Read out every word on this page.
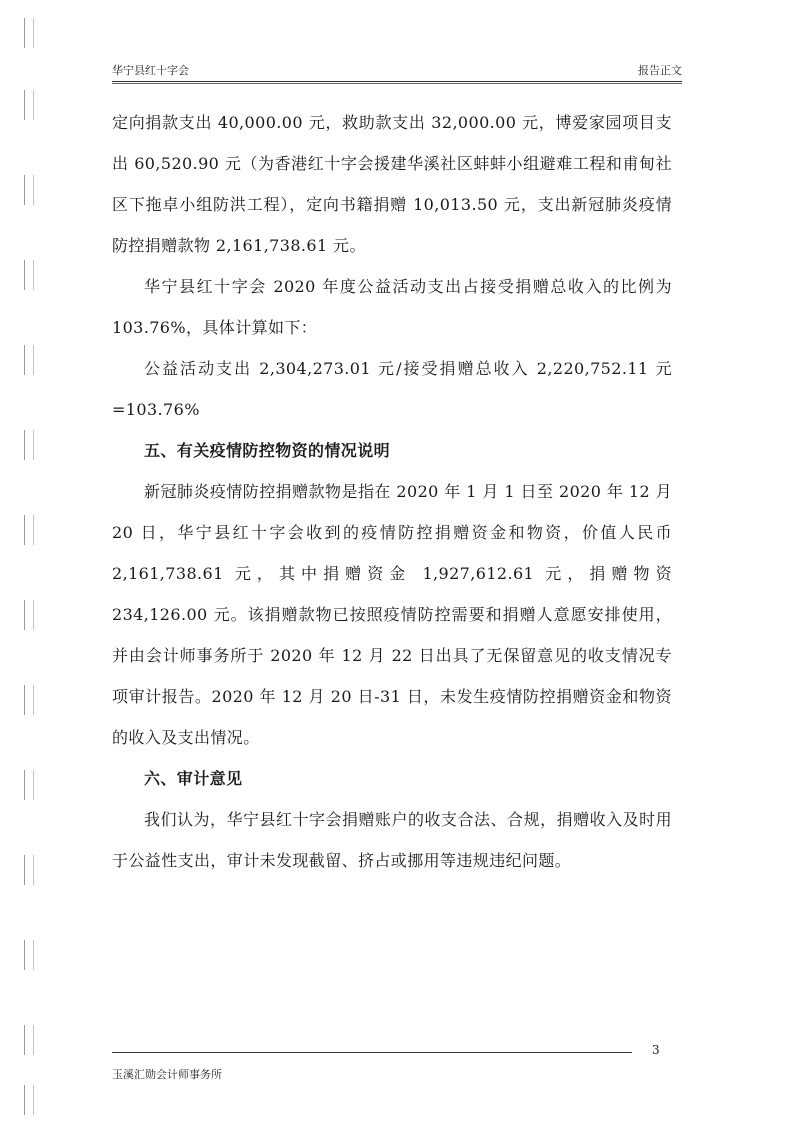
华宁县红十字会	报告正文

定向捐款支出 40,000.00 元，救助款支出 32,000.00 元，博爱家园项目支出 60,520.90 元（为香港红十字会援建华溪社区蚌蚌小组避难工程和甫甸社区下拖卓小组防洪工程），定向书籍捐赠 10,013.50 元，支出新冠肺炎疫情防控捐赠款物 2,161,738.61 元。

华宁县红十字会 2020 年度公益活动支出占接受捐赠总收入的比例为 103.76%，具体计算如下：

公益活动支出 2,304,273.01 元/接受捐赠总收入 2,220,752.11 元=103.76%

五、有关疫情防控物资的情况说明

新冠肺炎疫情防控捐赠款物是指在 2020 年 1 月 1 日至 2020 年 12 月 20 日，华宁县红十字会收到的疫情防控捐赠资金和物资，价值人民币 2,161,738.61 元，其中捐赠资金 1,927,612.61 元，捐赠物资 234,126.00 元。该捐赠款物已按照疫情防控需要和捐赠人意愿安排使用，并由会计师事务所于 2020 年 12 月 22 日出具了无保留意见的收支情况专项审计报告。2020 年 12 月 20 日-31 日，未发生疫情防控捐赠资金和物资的收入及支出情况。

六、审计意见

我们认为，华宁县红十字会捐赠账户的收支合法、合规，捐赠收入及时用于公益性支出，审计未发现截留、挤占或挪用等违规违纪问题。

3
玉溪汇勋会计师事务所
